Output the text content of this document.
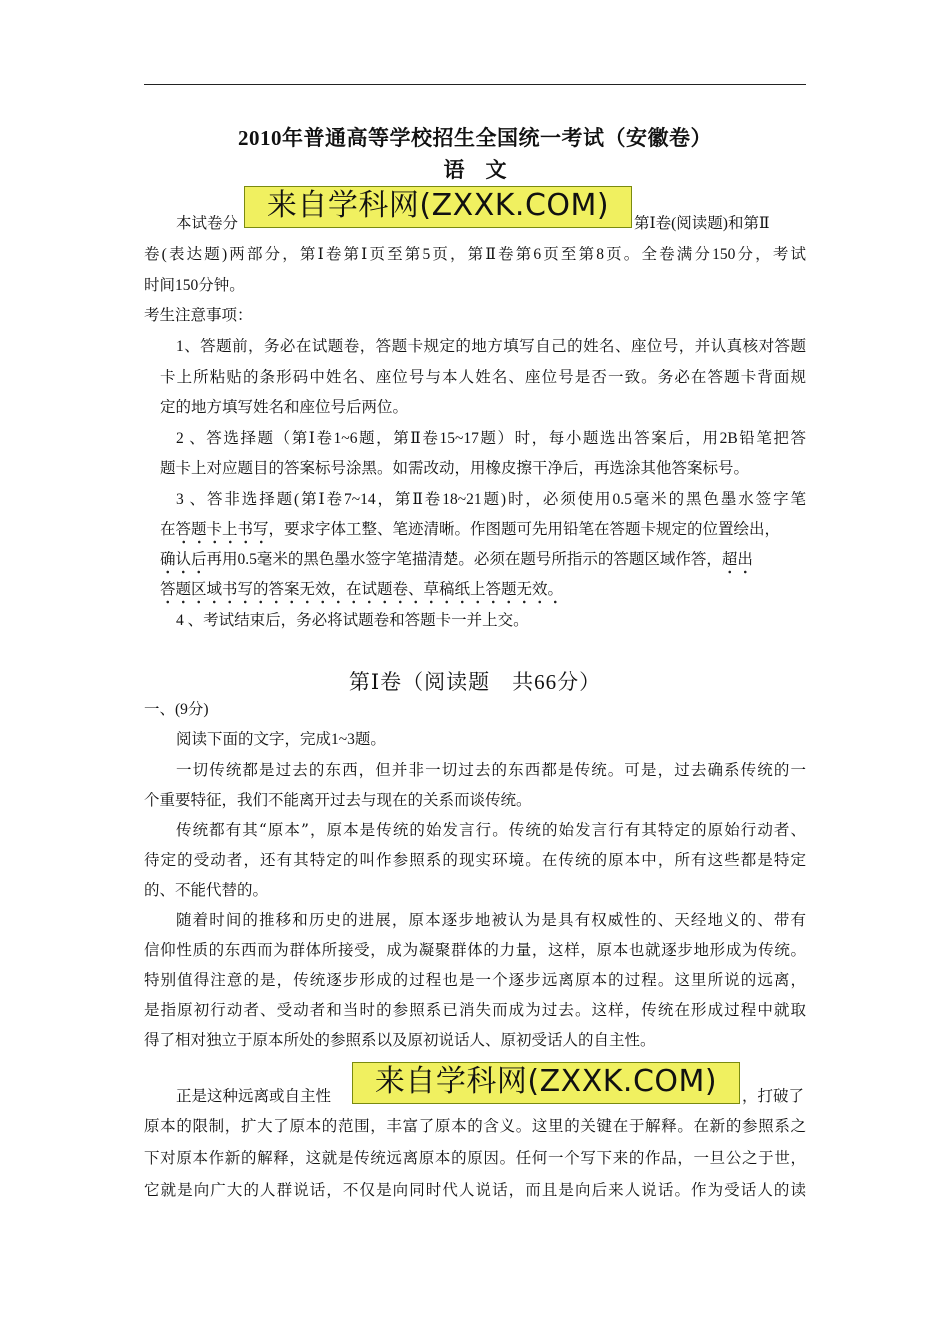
2010年普通高等学校招生全国统一考试（安徽卷）
语　文
本试卷分
来自学科网(ZXXK.COM)
第Ⅰ卷(阅读题)和第Ⅱ
卷(表达题)两部分，第Ⅰ卷第Ⅰ页至第5页，第Ⅱ卷第6页至第8页。全卷满分150分，考试
时间150分钟。
考生注意事项：
1、答题前，务必在试题卷，答题卡规定的地方填写自己的姓名、座位号，并认真核对答题
卡上所粘贴的条形码中姓名、座位号与本人姓名、座位号是否一致。务必在答题卡背面规
定的地方填写姓名和座位号后两位。
2 、答选择题（第Ⅰ卷1~6题，第Ⅱ卷15~17题）时，每小题选出答案后，用2B铅笔把答
题卡上对应题目的答案标号涂黑。如需改动，用橡皮擦干净后，再选涂其他答案标号。
3 、答非选择题(第Ⅰ卷7~14，第Ⅱ卷18~21题)时，必须使用0.5毫米的黑色墨水签字笔
在答题卡上书写，要求字体工整、笔迹清晰。作图题可先用铅笔在答题卡规定的位置绘出，
确认后再用0.5毫米的黑色墨水签字笔描清楚。必须在题号所指示的答题区域作答，超出
答题区域书写的答案无效，在试题卷、草稿纸上答题无效。
4 、考试结束后，务必将试题卷和答题卡一并上交。
第Ⅰ卷（阅读题　共66分）
一、(9分)
阅读下面的文字，完成1~3题。
一切传统都是过去的东西，但并非一切过去的东西都是传统。可是，过去确系传统的一
个重要特征，我们不能离开过去与现在的关系而谈传统。
传统都有其“原本”，原本是传统的始发言行。传统的始发言行有其特定的原始行动者、
待定的受动者，还有其特定的叫作参照系的现实环境。在传统的原本中，所有这些都是特定
的、不能代替的。
随着时间的推移和历史的进展，原本逐步地被认为是具有权威性的、天经地义的、带有
信仰性质的东西而为群体所接受，成为凝聚群体的力量，这样，原本也就逐步地形成为传统。
特别值得注意的是，传统逐步形成的过程也是一个逐步远离原本的过程。这里所说的远离，
是指原初行动者、受动者和当时的参照系已消失而成为过去。这样，传统在形成过程中就取
得了相对独立于原本所处的参照系以及原初说话人、原初受话人的自主性。
正是这种远离或自主性	来自学科网(ZXXK.COM)	，打破了
原本的限制，扩大了原本的范围，丰富了原本的含义。这里的关键在于解释。在新的参照系之
下对原本作新的解释，这就是传统远离原本的原因。任何一个写下来的作品，一旦公之于世，
它就是向广大的人群说话，不仅是向同时代人说话，而且是向后来人说话。作为受话人的读
